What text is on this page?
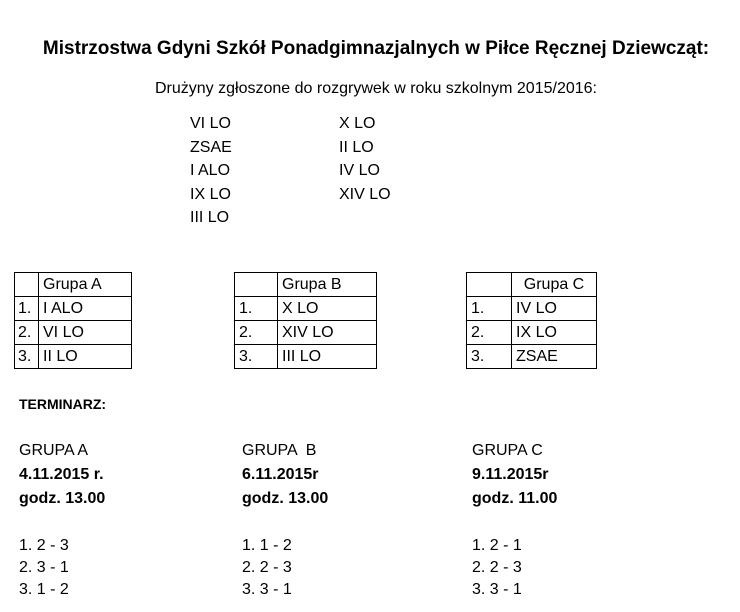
Mistrzostwa Gdyni Szkół Ponadgimnazjalnych w Piłce Ręcznej Dziewcząt:
Drużyny zgłoszone do rozgrywek w roku szkolnym 2015/2016:
VI LO
ZSAE
I ALO
IX LO
III LO
X LO
II LO
IV LO
XIV LO
	Grupa A
1.	I ALO
2.	VI LO
3.	II LO
	Grupa B
1.	X LO
2.	XIV LO
3.	III LO
	Grupa C
1.	IV LO
2.	IX LO
3.	ZSAE
TERMINARZ:
GRUPA A
4.11.2015 r.
godz. 13.00
1. 2 - 3
2. 3 - 1
3. 1 - 2
GRUPA  B
6.11.2015r
godz. 13.00
1. 1 - 2
2. 2 - 3
3. 3 - 1
GRUPA C
9.11.2015r
godz. 11.00
1. 2 - 1
2. 2 - 3
3. 3 - 1
